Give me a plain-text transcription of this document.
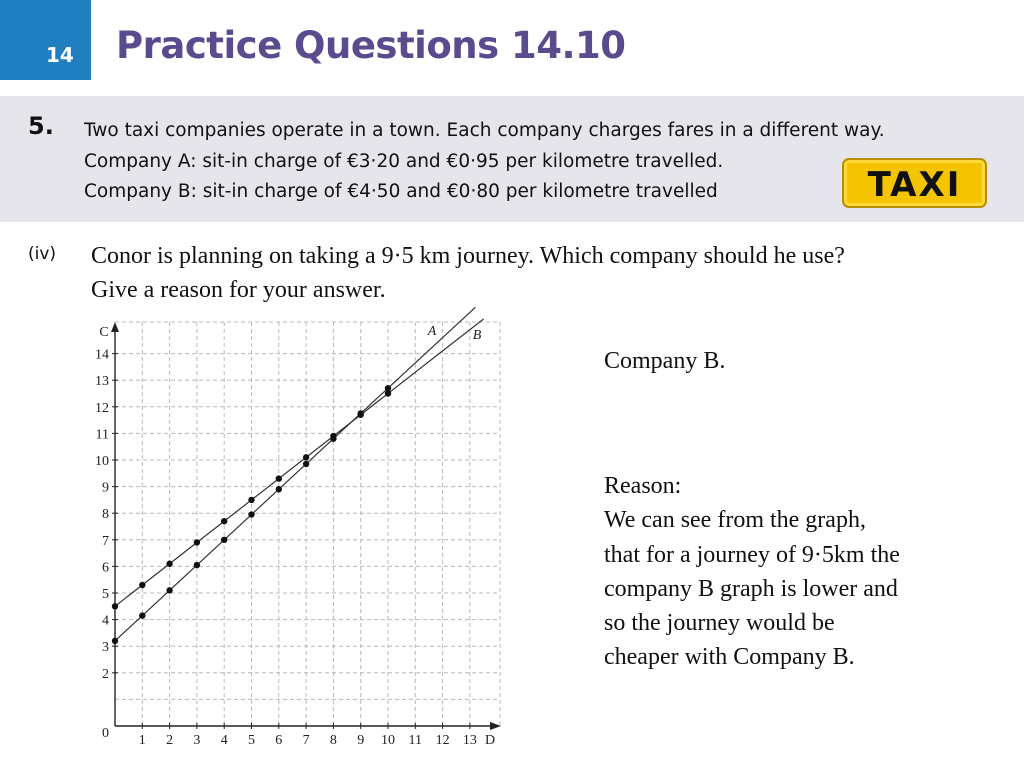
14 Practice Questions 14.10
5. Two taxi companies operate in a town. Each company charges fares in a different way.
Company A: sit-in charge of €3·20 and €0·95 per kilometre travelled.
Company B: sit-in charge of €4·50 and €0·80 per kilometre travelled	TAXI
(iv) Conor is planning on taking a 9·5 km journey. Which company should he use?
Give a reason for your answer.
1 2 3 4 5 6 7 8 9 10 11 12 13
2
3
4
5
6
7
8
9
10
11
12
13
14
0	D
C	A	B
Company B.
Reason:
We can see from the graph,
that for a journey of 9·5km the
company B graph is lower and
so the journey would be
cheaper with Company B.
